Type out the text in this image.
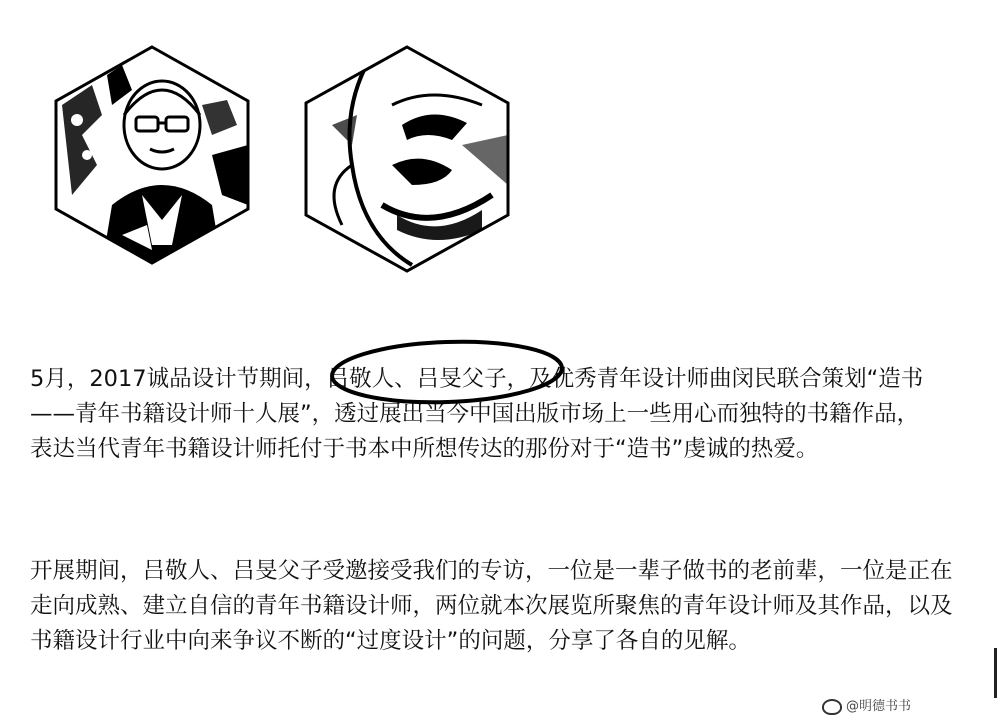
5月，2017诚品设计节期间，吕敬人、吕旻父子，及优秀青年设计师曲闵民联合策划“造书
——青年书籍设计师十人展”，透过展出当今中国出版市场上一些用心而独特的书籍作品，
表达当代青年书籍设计师托付于书本中所想传达的那份对于“造书”虔诚的热爱。
开展期间，吕敬人、吕旻父子受邀接受我们的专访，一位是一辈子做书的老前辈，一位是正在
走向成熟、建立自信的青年书籍设计师，两位就本次展览所聚焦的青年设计师及其作品，以及
书籍设计行业中向来争议不断的“过度设计”的问题，分享了各自的见解。
@明德书书
